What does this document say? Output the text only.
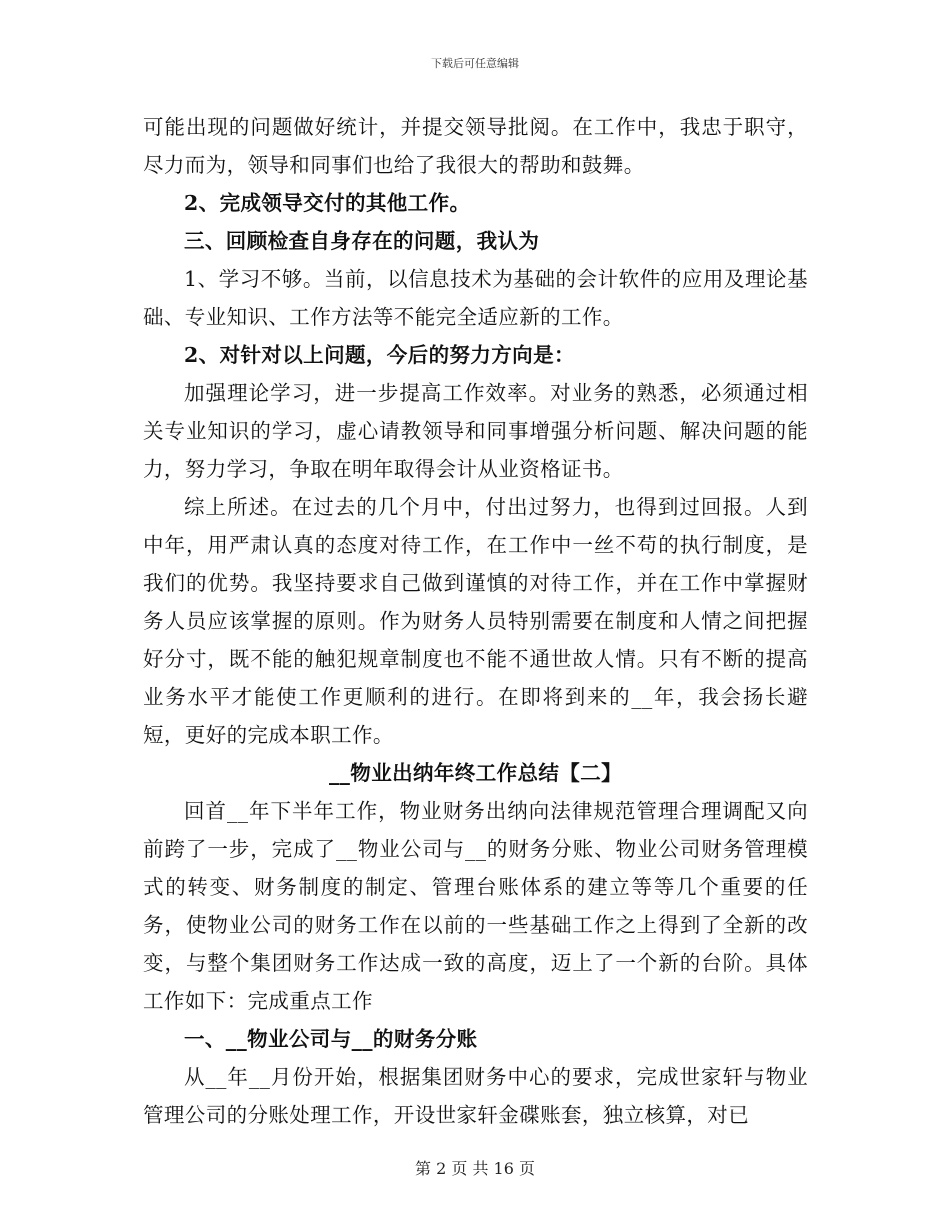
下载后可任意编辑

可能出现的问题做好统计，并提交领导批阅。在工作中，我忠于职守，尽力而为，领导和同事们也给了我很大的帮助和鼓舞。

2、完成领导交付的其他工作。

三、回顾检查自身存在的问题，我认为

1、学习不够。当前，以信息技术为基础的会计软件的应用及理论基础、专业知识、工作方法等不能完全适应新的工作。

2、对针对以上问题，今后的努力方向是：

加强理论学习，进一步提高工作效率。对业务的熟悉，必须通过相关专业知识的学习，虚心请教领导和同事增强分析问题、解决问题的能力，努力学习，争取在明年取得会计从业资格证书。

综上所述。在过去的几个月中，付出过努力，也得到过回报。人到中年，用严肃认真的态度对待工作，在工作中一丝不苟的执行制度，是我们的优势。我坚持要求自己做到谨慎的对待工作，并在工作中掌握财务人员应该掌握的原则。作为财务人员特别需要在制度和人情之间把握好分寸，既不能的触犯规章制度也不能不通世故人情。只有不断的提高业务水平才能使工作更顺利的进行。在即将到来的__年，我会扬长避短，更好的完成本职工作。

__物业出纳年终工作总结【二】

回首__年下半年工作，物业财务出纳向法律规范管理合理调配又向前跨了一步，完成了__物业公司与__的财务分账、物业公司财务管理模式的转变、财务制度的制定、管理台账体系的建立等等几个重要的任务，使物业公司的财务工作在以前的一些基础工作之上得到了全新的改变，与整个集团财务工作达成一致的高度，迈上了一个新的台阶。具体工作如下：完成重点工作

一、__物业公司与__的财务分账

从__年__月份开始，根据集团财务中心的要求，完成世家轩与物业管理公司的分账处理工作，开设世家轩金碟账套，独立核算，对已

第 2 页 共 16 页
